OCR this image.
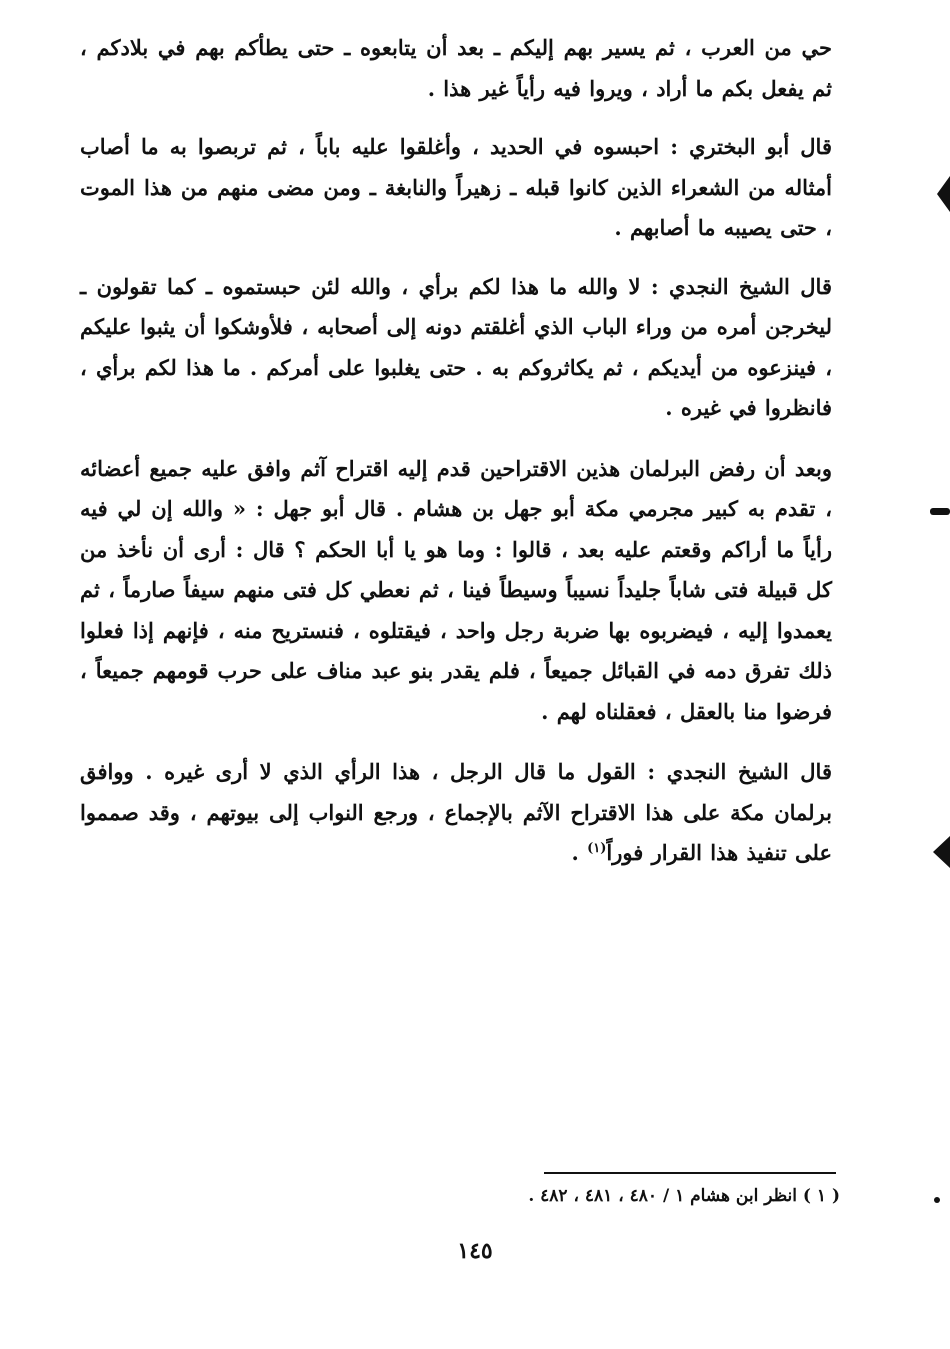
حي من العرب ، ثم يسير بهم إليكم ـ بعد أن يتابعوه ـ حتى يطأكم بهم في بلادكم ، ثم يفعل بكم ما أراد ، ويروا فيه رأياً غير هذا .

قال أبو البختري : احبسوه في الحديد ، وأغلقوا عليه باباً ، ثم تربصوا به ما أصاب أمثاله من الشعراء الذين كانوا قبله ـ زهيراً والنابغة ـ ومن مضى منهم من هذا الموت ، حتى يصيبه ما أصابهم .

قال الشيخ النجدي : لا والله ما هذا لكم برأي ، والله لئن حبستموه ـ كما تقولون ـ ليخرجن أمره من وراء الباب الذي أغلقتم دونه إلى أصحابه ، فلأوشكوا أن يثبوا عليكم ، فينزعوه من أيديكم ، ثم يكاثروكم به . حتى يغلبوا على أمركم . ما هذا لكم برأي ، فانظروا في غيره .

وبعد أن رفض البرلمان هذين الاقتراحين قدم إليه اقتراح آثم وافق عليه جميع أعضائه ، تقدم به كبير مجرمي مكة أبو جهل بن هشام . قال أبو جهل : « والله إن لي فيه رأياً ما أراكم وقعتم عليه بعد ، قالوا : وما هو يا أبا الحكم ؟ قال : أرى أن نأخذ من كل قبيلة فتى شاباً جليداً نسيباً وسيطاً فينا ، ثم نعطي كل فتى منهم سيفاً صارماً ، ثم يعمدوا إليه ، فيضربوه بها ضربة رجل واحد ، فيقتلوه ، فنستريح منه ، فإنهم إذا فعلوا ذلك تفرق دمه في القبائل جميعاً ، فلم يقدر بنو عبد مناف على حرب قومهم جميعاً ، فرضوا منا بالعقل ، فعقلناه لهم .

قال الشيخ النجدي : القول ما قال الرجل ، هذا الرأي الذي لا أرى غيره . ووافق برلمان مكة على هذا الاقتراح الآثم بالإجماع ، ورجع النواب إلى بيوتهم ، وقد صمموا على تنفيذ هذا القرار فوراً$^{(١)}$ .

( ١ ) انظر ابن هشام ١ / ٤٨٠ ، ٤٨١ ، ٤٨٢ .
١٤٥
